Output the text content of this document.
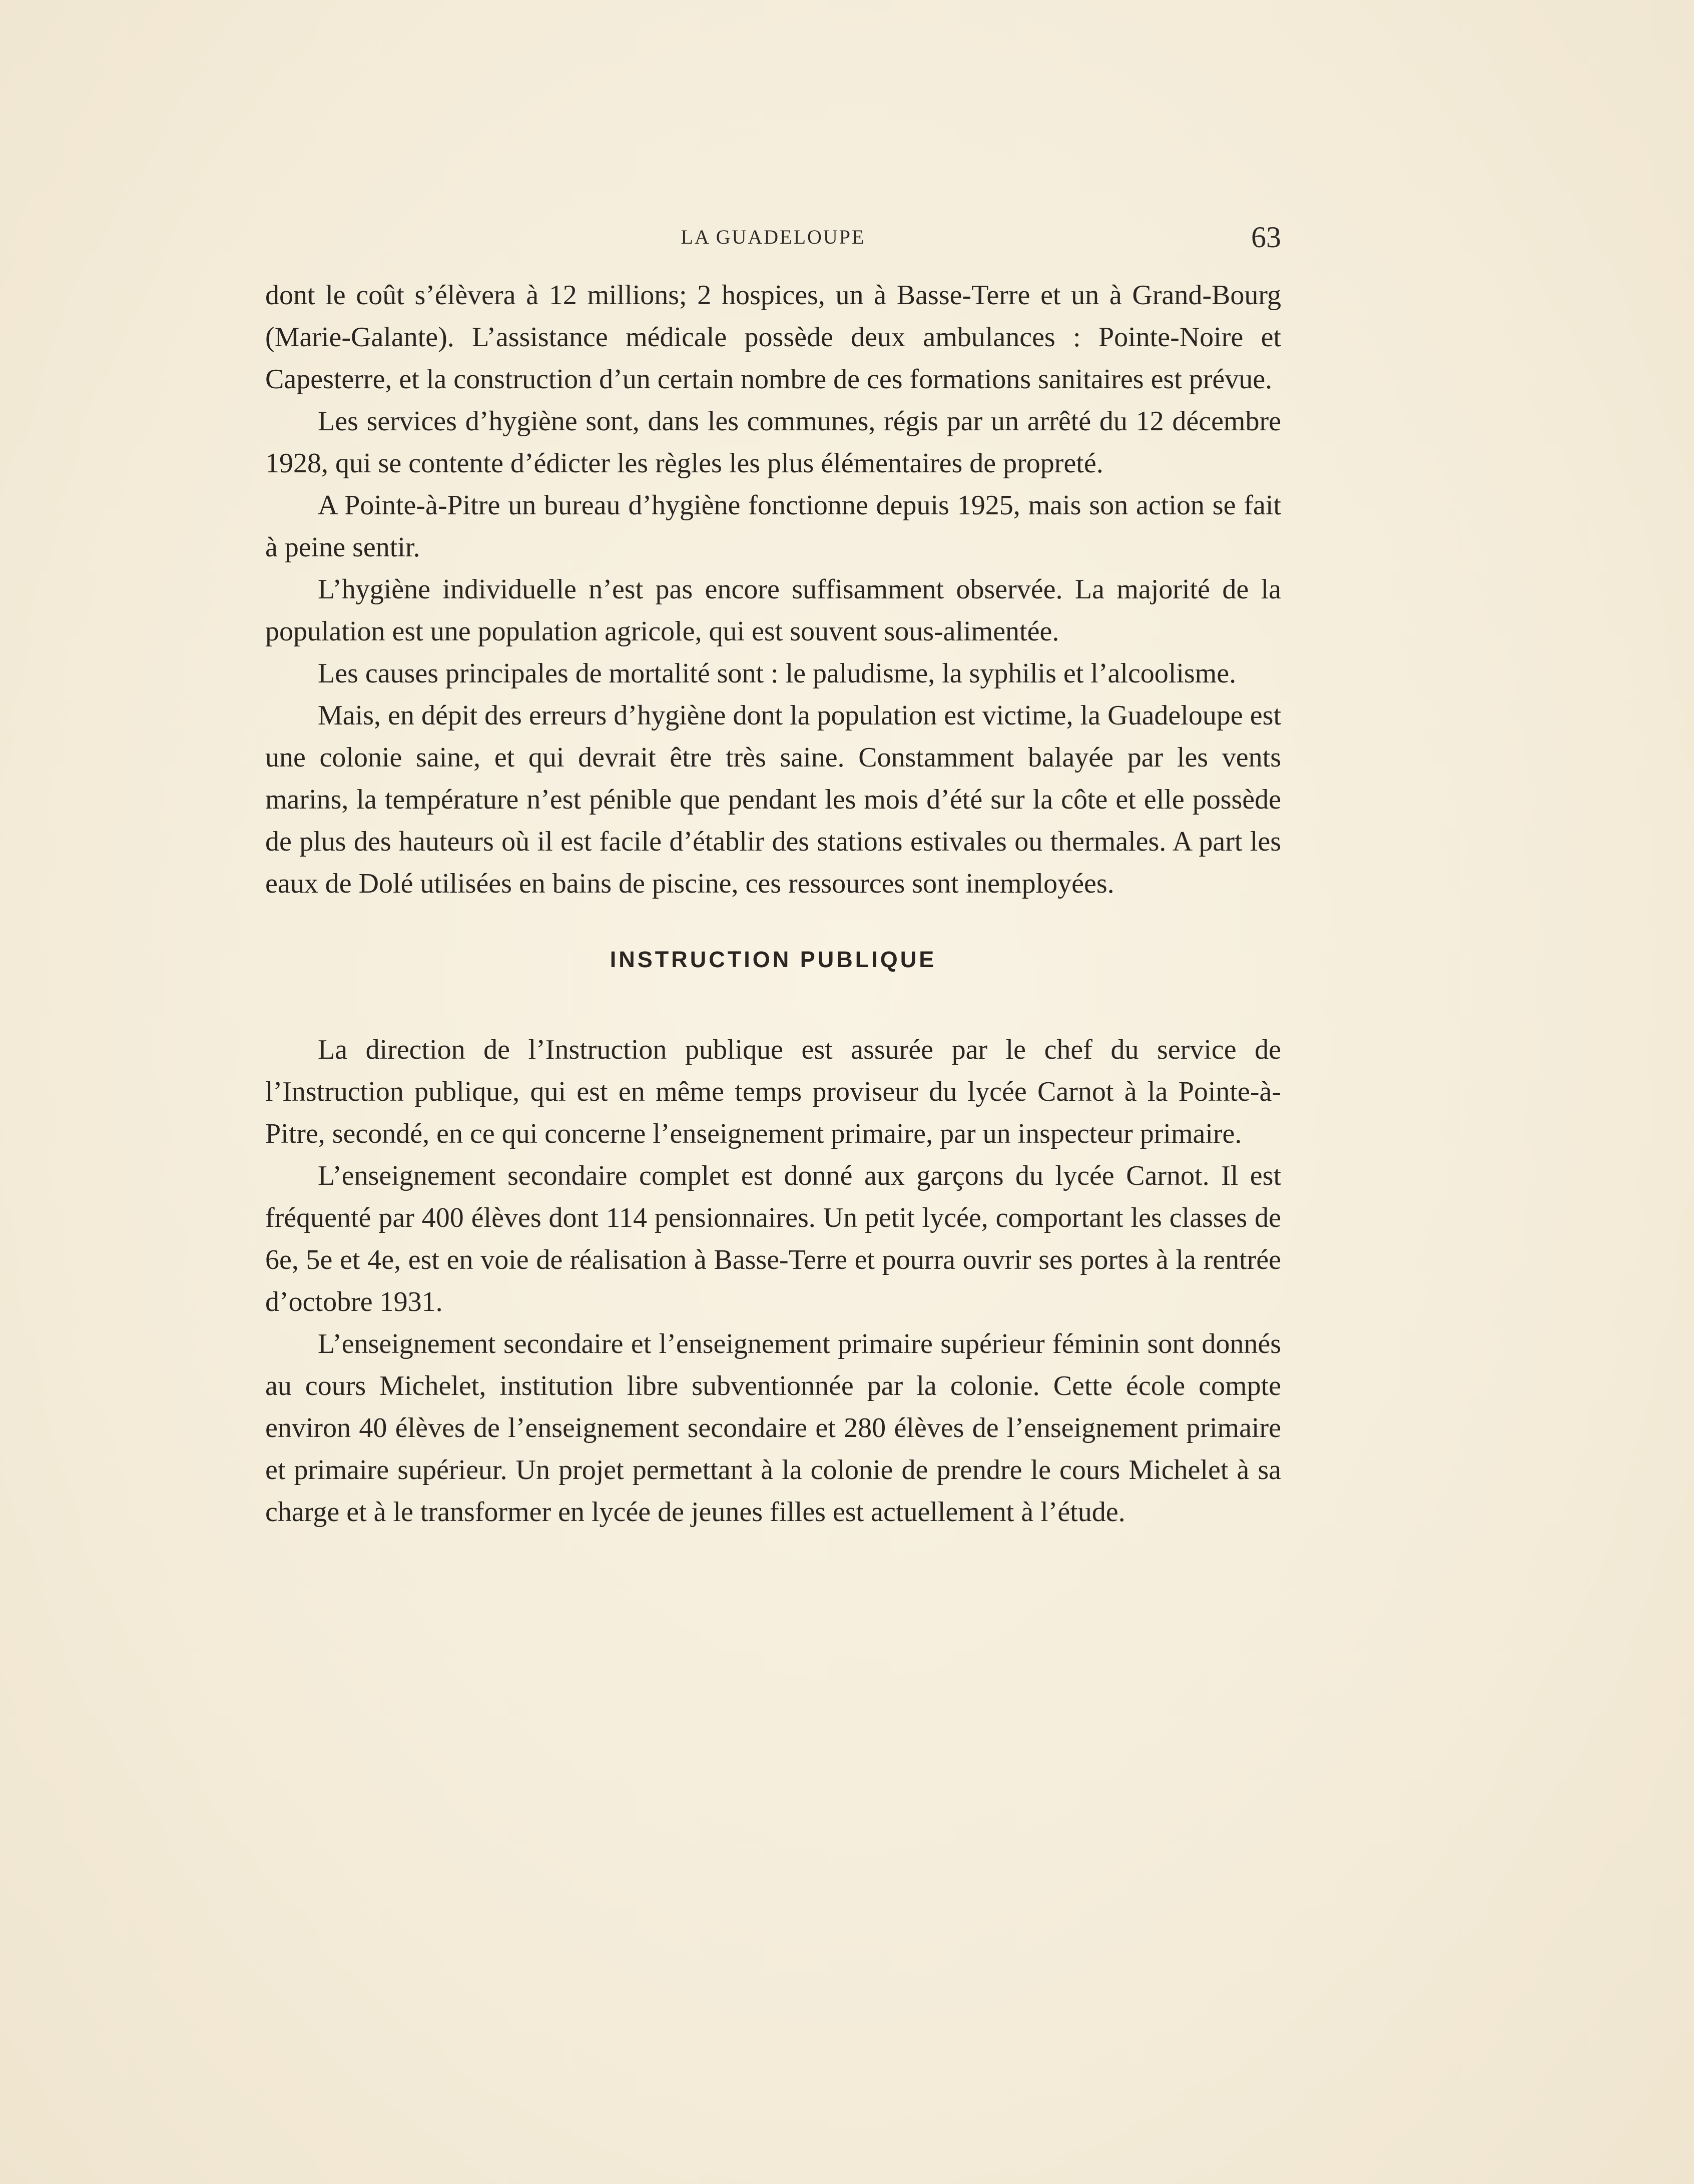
LA GUADELOUPE	63

dont le coût s’élèvera à 12 millions; 2 hospices, un à Basse-Terre et un à Grand-Bourg (Marie-Galante). L’assistance médicale possède deux ambulances : Pointe-Noire et Capesterre, et la construction d’un certain nombre de ces formations sanitaires est prévue.

Les services d’hygiène sont, dans les communes, régis par un arrêté du 12 décembre 1928, qui se contente d’édicter les règles les plus élémentaires de propreté.

A Pointe-à-Pitre un bureau d’hygiène fonctionne depuis 1925, mais son action se fait à peine sentir.

L’hygiène individuelle n’est pas encore suffisamment observée. La majorité de la population est une population agricole, qui est souvent sous-alimentée.

Les causes principales de mortalité sont : le paludisme, la syphilis et l’alcoolisme.

Mais, en dépit des erreurs d’hygiène dont la population est victime, la Guadeloupe est une colonie saine, et qui devrait être très saine. Constamment balayée par les vents marins, la température n’est pénible que pendant les mois d’été sur la côte et elle possède de plus des hauteurs où il est facile d’établir des stations estivales ou thermales. A part les eaux de Dolé utilisées en bains de piscine, ces ressources sont inemployées.

INSTRUCTION PUBLIQUE

La direction de l’Instruction publique est assurée par le chef du service de l’Instruction publique, qui est en même temps proviseur du lycée Carnot à la Pointe-à-Pitre, secondé, en ce qui concerne l’enseignement primaire, par un inspecteur primaire.

L’enseignement secondaire complet est donné aux garçons du lycée Carnot. Il est fréquenté par 400 élèves dont 114 pensionnaires. Un petit lycée, comportant les classes de 6e, 5e et 4e, est en voie de réalisation à Basse-Terre et pourra ouvrir ses portes à la rentrée d’octobre 1931.

L’enseignement secondaire et l’enseignement primaire supérieur féminin sont donnés au cours Michelet, institution libre subventionnée par la colonie. Cette école compte environ 40 élèves de l’enseignement secondaire et 280 élèves de l’enseignement primaire et primaire supérieur. Un projet permettant à la colonie de prendre le cours Michelet à sa charge et à le transformer en lycée de jeunes filles est actuellement à l’étude.
